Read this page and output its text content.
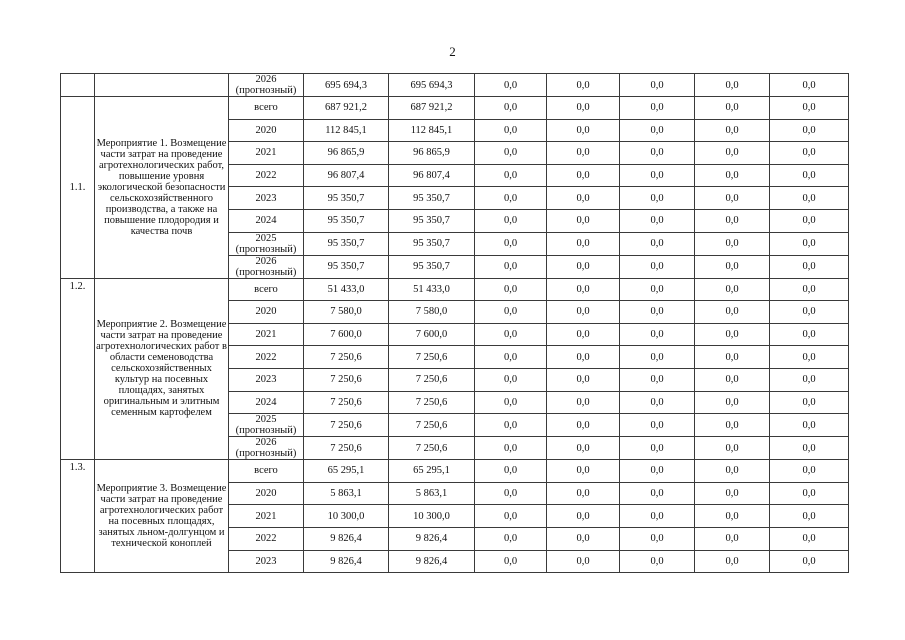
2
		2026 (прогнозный)	695 694,3	695 694,3	0,0	0,0	0,0	0,0	0,0
1.1.	Мероприятие 1. Возмещение части затрат на проведение агротехнологических работ, повышение уровня экологической безопасности сельскохозяйственного производства, а также на повышение плодородия и качества почв	всего	687 921,2	687 921,2	0,0	0,0	0,0	0,0	0,0
		2020	112 845,1	112 845,1	0,0	0,0	0,0	0,0	0,0
		2021	96 865,9	96 865,9	0,0	0,0	0,0	0,0	0,0
		2022	96 807,4	96 807,4	0,0	0,0	0,0	0,0	0,0
		2023	95 350,7	95 350,7	0,0	0,0	0,0	0,0	0,0
		2024	95 350,7	95 350,7	0,0	0,0	0,0	0,0	0,0
		2025 (прогнозный)	95 350,7	95 350,7	0,0	0,0	0,0	0,0	0,0
		2026 (прогнозный)	95 350,7	95 350,7	0,0	0,0	0,0	0,0	0,0
1.2.	Мероприятие 2. Возмещение части затрат на проведение агротехнологических работ в области семеноводства сельскохозяйственных культур на посевных площадях, занятых оригинальным и элитным семенным картофелем	всего	51 433,0	51 433,0	0,0	0,0	0,0	0,0	0,0
		2020	7 580,0	7 580,0	0,0	0,0	0,0	0,0	0,0
		2021	7 600,0	7 600,0	0,0	0,0	0,0	0,0	0,0
		2022	7 250,6	7 250,6	0,0	0,0	0,0	0,0	0,0
		2023	7 250,6	7 250,6	0,0	0,0	0,0	0,0	0,0
		2024	7 250,6	7 250,6	0,0	0,0	0,0	0,0	0,0
		2025 (прогнозный)	7 250,6	7 250,6	0,0	0,0	0,0	0,0	0,0
		2026 (прогнозный)	7 250,6	7 250,6	0,0	0,0	0,0	0,0	0,0
1.3.	Мероприятие 3. Возмещение части затрат на проведение агротехнологических работ на посевных площадях, занятых льном-долгунцом и технической коноплей	всего	65 295,1	65 295,1	0,0	0,0	0,0	0,0	0,0
		2020	5 863,1	5 863,1	0,0	0,0	0,0	0,0	0,0
		2021	10 300,0	10 300,0	0,0	0,0	0,0	0,0	0,0
		2022	9 826,4	9 826,4	0,0	0,0	0,0	0,0	0,0
		2023	9 826,4	9 826,4	0,0	0,0	0,0	0,0	0,0
